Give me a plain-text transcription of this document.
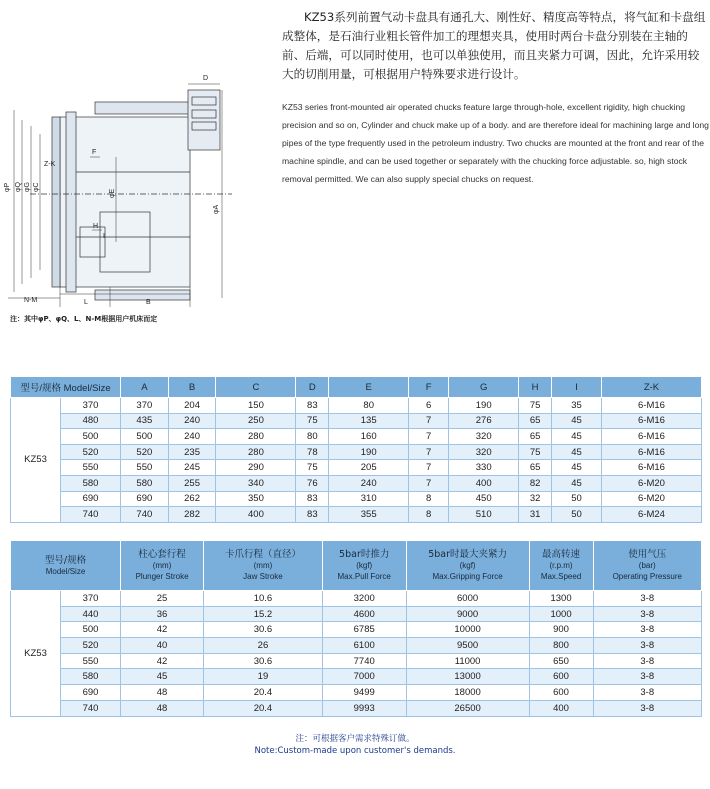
KZ53系列前置气动卡盘具有通孔大、刚性好、精度高等特点，将气缸和卡盘组成整体，是石油行业粗长管件加工的理想夹具，使用时两台卡盘分别装在主轴的前、后端，可以同时使用，也可以单独使用，而且夹紧力可调，因此，允许采用较大的切削用量，可根据用户特殊要求进行设计。

KZ53 series front-mounted air operated chucks feature large through-hole, excellent rigidity, high chucking precision and so on, Cylinder and chuck make up of a body. and are therefore ideal for machining large and long pipes of the type frequently used in the petroleum industry. Two chucks are mounted at the front and rear of the machine spindle, and can be used together or separately with the chucking force adjustable. so, high stock removal permitted. We can also supply special chucks on request.

D
F
Z-K
φP φQ φG φC
φE
φA
H
I
N-M	L	B
注：其中φP、φQ、L、N-M根据用户机床而定
型号/规格 Model/Size		A	B	C	D	E	F	G	H	I	Z-K
KZ53	370	370	204	150	83	80	6	190	75	35	6-M16
	480	435	240	250	75	135	7	276	65	45	6-M16
	500	500	240	280	80	160	7	320	65	45	6-M16
	520	520	235	280	78	190	7	320	75	45	6-M16
	550	550	245	290	75	205	7	330	65	45	6-M16
	580	580	255	340	76	240	7	400	82	45	6-M20
	690	690	262	350	83	310	8	450	32	50	6-M20
	740	740	282	400	83	355	8	510	31	50	6-M24
型号/规格
Model/Size		柱心套行程
(mm)
Plunger Stroke	卡爪行程（直径）
(mm)
Jaw Stroke	5bar时推力
(kgf)
Max.Pull Force	5bar时最大夹紧力
(kgf)
Max.Gripping Force	最高转速
(r.p.m)
Max.Speed	使用气压
(bar)
Operating Pressure

KZ53	370	25	10.6	3200	6000	1300	3-8
	440	36	15.2	4600	9000	1000	3-8
	500	42	30.6	6785	10000	900	3-8
	520	40	26	6100	9500	800	3-8
	550	42	30.6	7740	11000	650	3-8
	580	45	19	7000	13000	600	3-8
	690	48	20.4	9499	18000	600	3-8
	740	48	20.4	9993	26500	400	3-8
注：可根据客户需求特殊订做。
Note:Custom-made upon customer's demands.
